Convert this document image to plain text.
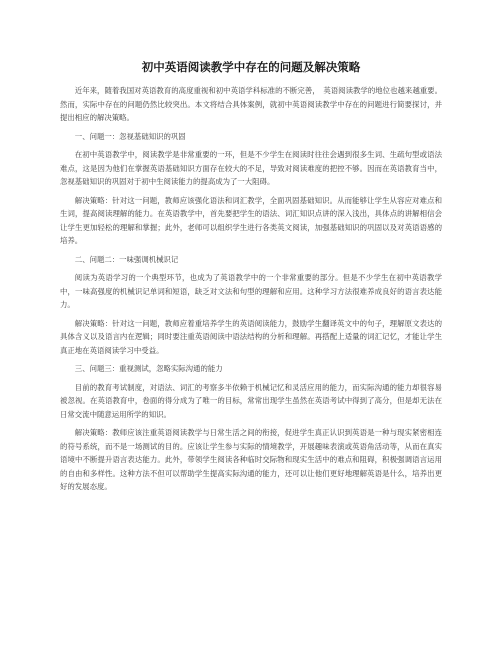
初中英语阅读教学中存在的问题及解决策略

近年来，随着我国对英语教育的高度重视和初中英语学科标准的不断完善，　英语阅读教学的地位也越来越重要。然而，实际中存在的问题仍然比较突出。本文将结合具体案例，就初中英语阅读教学中存在的问题进行简要探讨，并提出相应的解决策略。

一、问题一：忽视基础知识的巩固

在初中英语教学中，阅读教学是非常重要的一环，但是不少学生在阅读时往往会遇到很多生词、生疏句型或语法难点，这是因为他们在掌握英语基础知识方面存在较大的不足，导致对阅读难度的把控不够。因而在英语教育当中，忽视基础知识的巩固对于初中生阅读能力的提高成为了一大阻碍。

解决策略：针对这一问题，教师应该强化语法和词汇教学，全面巩固基础知识。从而能够让学生从容应对难点和生词，提高阅读理解的能力。在英语教学中，首先要把学生的语法、词汇知识点讲的深入浅出，具体点的讲解相信会让学生更加轻松的理解和掌握；此外，老师可以组织学生进行各类英文阅读，加强基础知识的巩固以及对英语语感的培养。

二、问题二：一味强调机械识记

阅读为英语学习的一个典型环节，也成为了英语教学中的一个非常重要的部分。但是不少学生在初中英语教学中，一味高强度的机械识记单词和短语，缺乏对文法和句型的理解和应用。这种学习方法很难养成良好的语言表达能力。

解决策略：针对这一问题，教师应着重培养学生的英语阅读能力，鼓励学生翻译英文中的句子，理解原文表达的具体含义以及语言内在逻辑；同时要注重英语阅读中语法结构的分析和理解。再搭配上适量的词汇记忆，才能让学生真正地在英语阅读学习中受益。

三、问题三：重视测试，忽略实际沟通的能力

目前的教育考试制度，对语法、词汇的考察多半依赖于机械记忆和灵活应用的能力，而实际沟通的能力却很容易被忽视。在英语教育中，卷面的得分成为了唯一的目标，常常出现学生虽然在英语考试中得到了高分，但是却无法在日常交流中随意运用所学的知识。

解决策略：教师应该注重英语阅读教学与日常生活之间的衔接，促进学生真正认识到英语是一种与现实紧密相连的符号系统，而不是一场测试的目的。应该让学生参与实际的情境教学，开展趣味表演或英语角活动等，从而在真实语境中不断提升语言表达能力。此外，带领学生阅读各种临时交际物和现实生活中的难点和阻碍，积极强调语言运用的自由和多样性。这种方法不但可以帮助学生提高实际沟通的能力，还可以让他们更好地理解英语是什么，培养出更好的发展态度。
